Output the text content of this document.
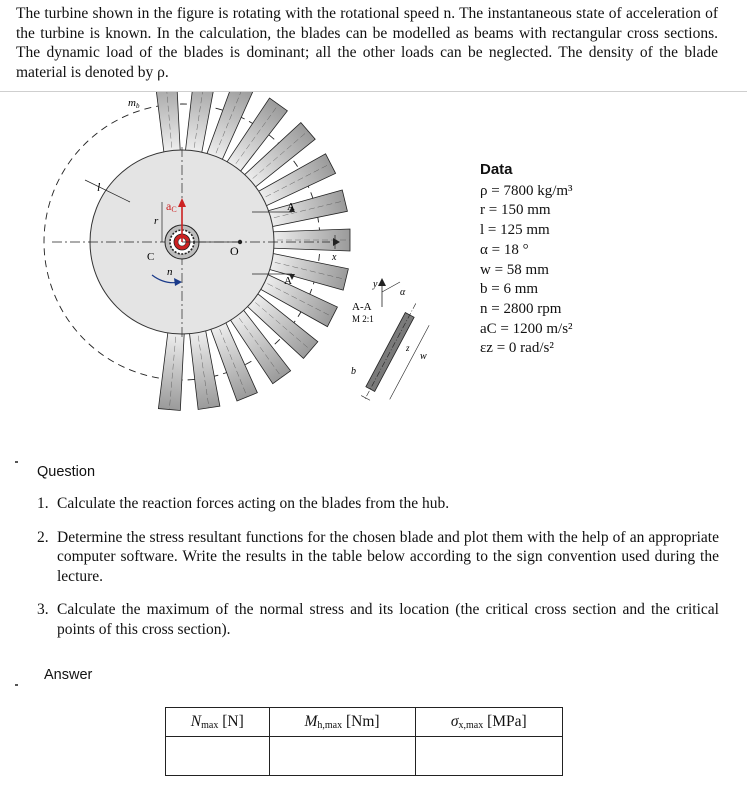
The turbine shown in the figure is rotating with the rotational speed n. The instantaneous state of acceleration of the turbine is known. In the calculation, the blades can be modelled as beams with rectangular cross sections. The dynamic load of the blades is dominant; all the other loads can be neglected. The density of the blade material is denoted by ρ.

mb
l
aC
r
C
n
O	x
A
A
A-A
M 2:1
y
α
z
b
w
Data
ρ = 7800 kg/m³
r = 150 mm
l = 125 mm
α = 18 °
w = 58 mm
b = 6 mm
n = 2800 rpm
aC = 1200 m/s²
εz = 0 rad/s²
Question
1. Calculate the reaction forces acting on the blades from the hub.
2. Determine the stress resultant functions for the chosen blade and plot them with the help of an appropriate computer software. Write the results in the table below according to the sign convention used during the lecture.
3. Calculate the maximum of the normal stress and its location (the critical cross section and the critical points of this cross section).
Answer
$N_{max}$ [N]	$M_{h,max}$ [Nm]	$\sigma_{x,max}$ [MPa]
